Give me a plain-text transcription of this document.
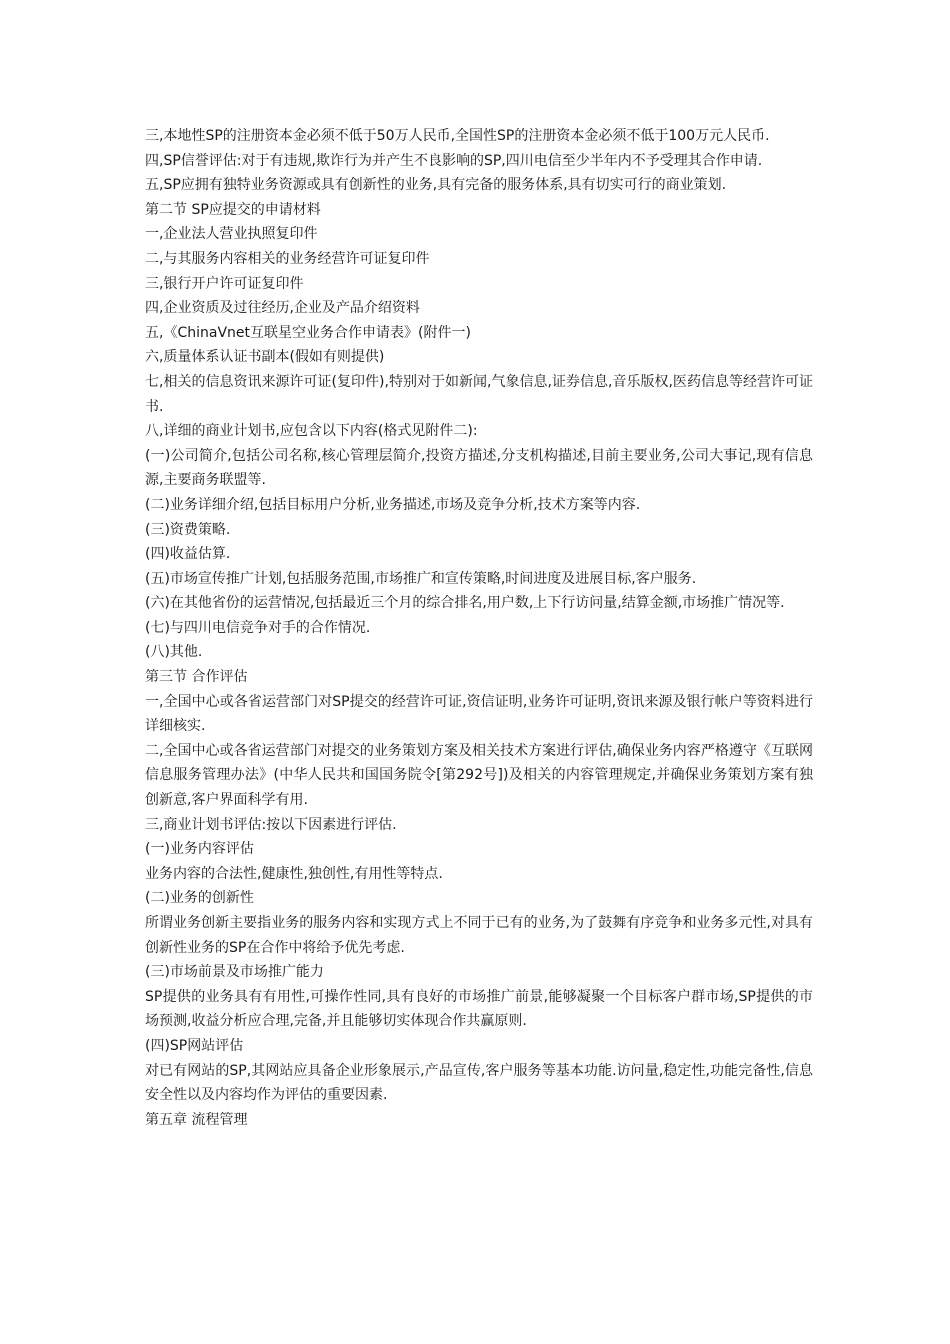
三,本地性SP的注册资本金必须不低于50万人民币,全国性SP的注册资本金必须不低于100万元人民币.

四,SP信誉评估:对于有违规,欺诈行为并产生不良影响的SP,四川电信至少半年内不予受理其合作申请.

五,SP应拥有独特业务资源或具有创新性的业务,具有完备的服务体系,具有切实可行的商业策划.

第二节 SP应提交的申请材料

一,企业法人营业执照复印件

二,与其服务内容相关的业务经营许可证复印件

三,银行开户许可证复印件

四,企业资质及过往经历,企业及产品介绍资料

五,《ChinaVnet互联星空业务合作申请表》(附件一)

六,质量体系认证书副本(假如有则提供)

七,相关的信息资讯来源许可证(复印件),特别对于如新闻,气象信息,证券信息,音乐版权,医药信息等经营许可证书.

八,详细的商业计划书,应包含以下内容(格式见附件二):

(一)公司简介,包括公司名称,核心管理层简介,投资方描述,分支机构描述,目前主要业务,公司大事记,现有信息源,主要商务联盟等.

(二)业务详细介绍,包括目标用户分析,业务描述,市场及竞争分析,技术方案等内容.

(三)资费策略.

(四)收益估算.

(五)市场宣传推广计划,包括服务范围,市场推广和宣传策略,时间进度及进展目标,客户服务.

(六)在其他省份的运营情况,包括最近三个月的综合排名,用户数,上下行访问量,结算金额,市场推广情况等.

(七)与四川电信竞争对手的合作情况.

(八)其他.

第三节 合作评估

一,全国中心或各省运营部门对SP提交的经营许可证,资信证明,业务许可证明,资讯来源及银行帐户等资料进行详细核实.

二,全国中心或各省运营部门对提交的业务策划方案及相关技术方案进行评估,确保业务内容严格遵守《互联网信息服务管理办法》(中华人民共和国国务院令[第292号])及相关的内容管理规定,并确保业务策划方案有独创新意,客户界面科学有用.

三,商业计划书评估:按以下因素进行评估.

(一)业务内容评估

业务内容的合法性,健康性,独创性,有用性等特点.

(二)业务的创新性

所谓业务创新主要指业务的服务内容和实现方式上不同于已有的业务,为了鼓舞有序竞争和业务多元性,对具有创新性业务的SP在合作中将给予优先考虑.

(三)市场前景及市场推广能力

SP提供的业务具有有用性,可操作性同,具有良好的市场推广前景,能够凝聚一个目标客户群市场,SP提供的市场预测,收益分析应合理,完备,并且能够切实体现合作共赢原则.

(四)SP网站评估

对已有网站的SP,其网站应具备企业形象展示,产品宣传,客户服务等基本功能.访问量,稳定性,功能完备性,信息安全性以及内容均作为评估的重要因素.

第五章 流程管理
